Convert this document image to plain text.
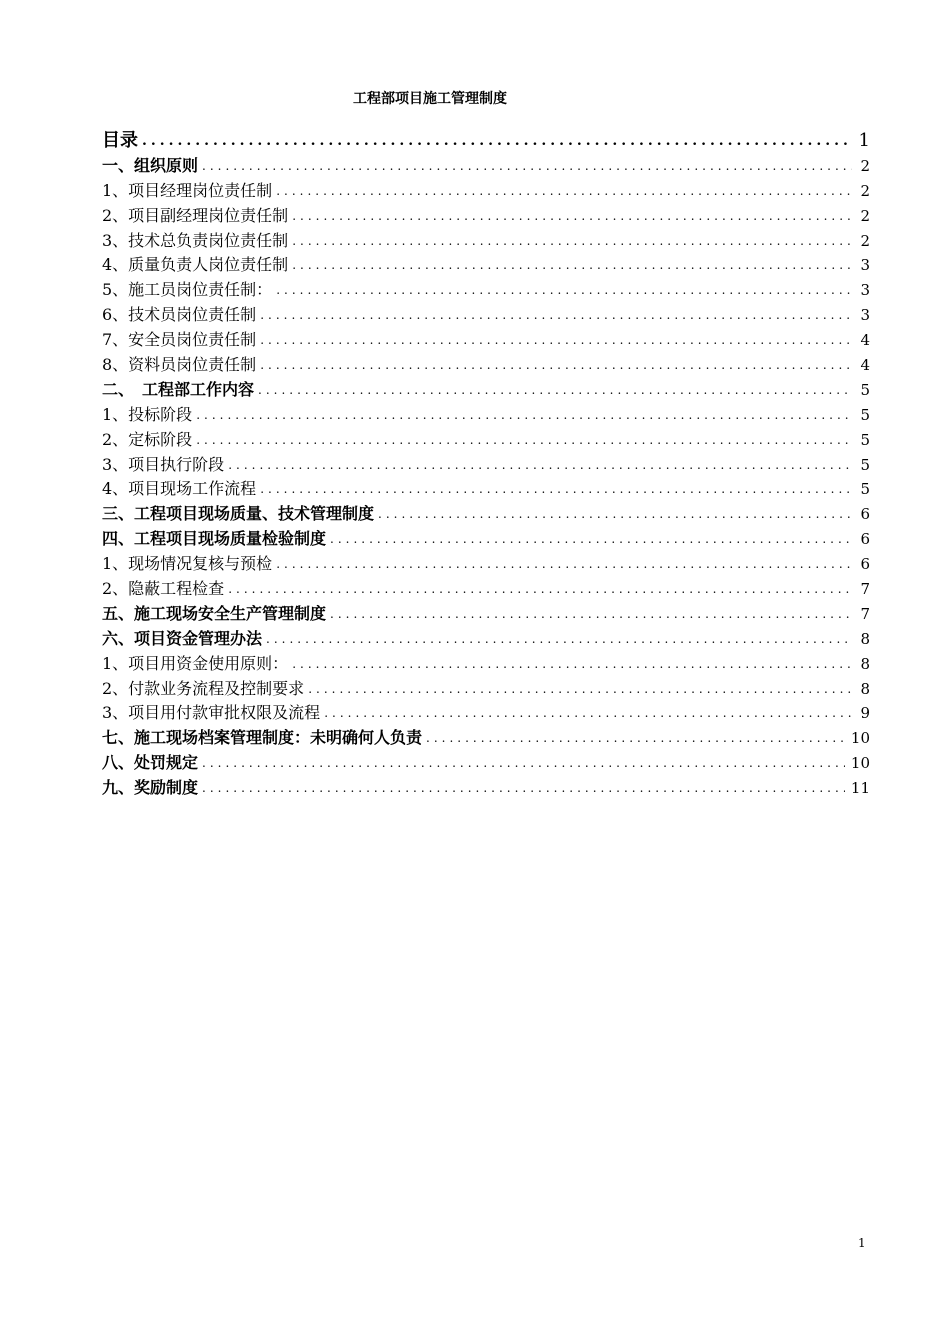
工程部项目施工管理制度
目录 .....	1
一、组织原则 .....	2
1、项目经理岗位责任制 .....	2
2、项目副经理岗位责任制 .....	2
3、技术总负责岗位责任制 .....	2
4、质量负责人岗位责任制 .....	3
5、施工员岗位责任制： .....	3
6、技术员岗位责任制 .....	3
7、安全员岗位责任制 .....	4
8、资料员岗位责任制 .....	4
二、　工程部工作内容 .....	5
1、投标阶段 .....	5
2、定标阶段 .....	5
3、项目执行阶段 .....	5
4、项目现场工作流程 .....	5
三、工程项目现场质量、技术管理制度 .....	6
四、工程项目现场质量检验制度 .....	6
1、现场情况复核与预检 .....	6
2、隐蔽工程检查 .....	7
五、施工现场安全生产管理制度 .....	7
六、项目资金管理办法 .....	8
1、项目用资金使用原则： .....	8
2、付款业务流程及控制要求 .....	8
3、项目用付款审批权限及流程 .....	9
七、施工现场档案管理制度：未明确何人负责 .....	10
八、处罚规定 .....	10
九、奖励制度 .....	11
1
